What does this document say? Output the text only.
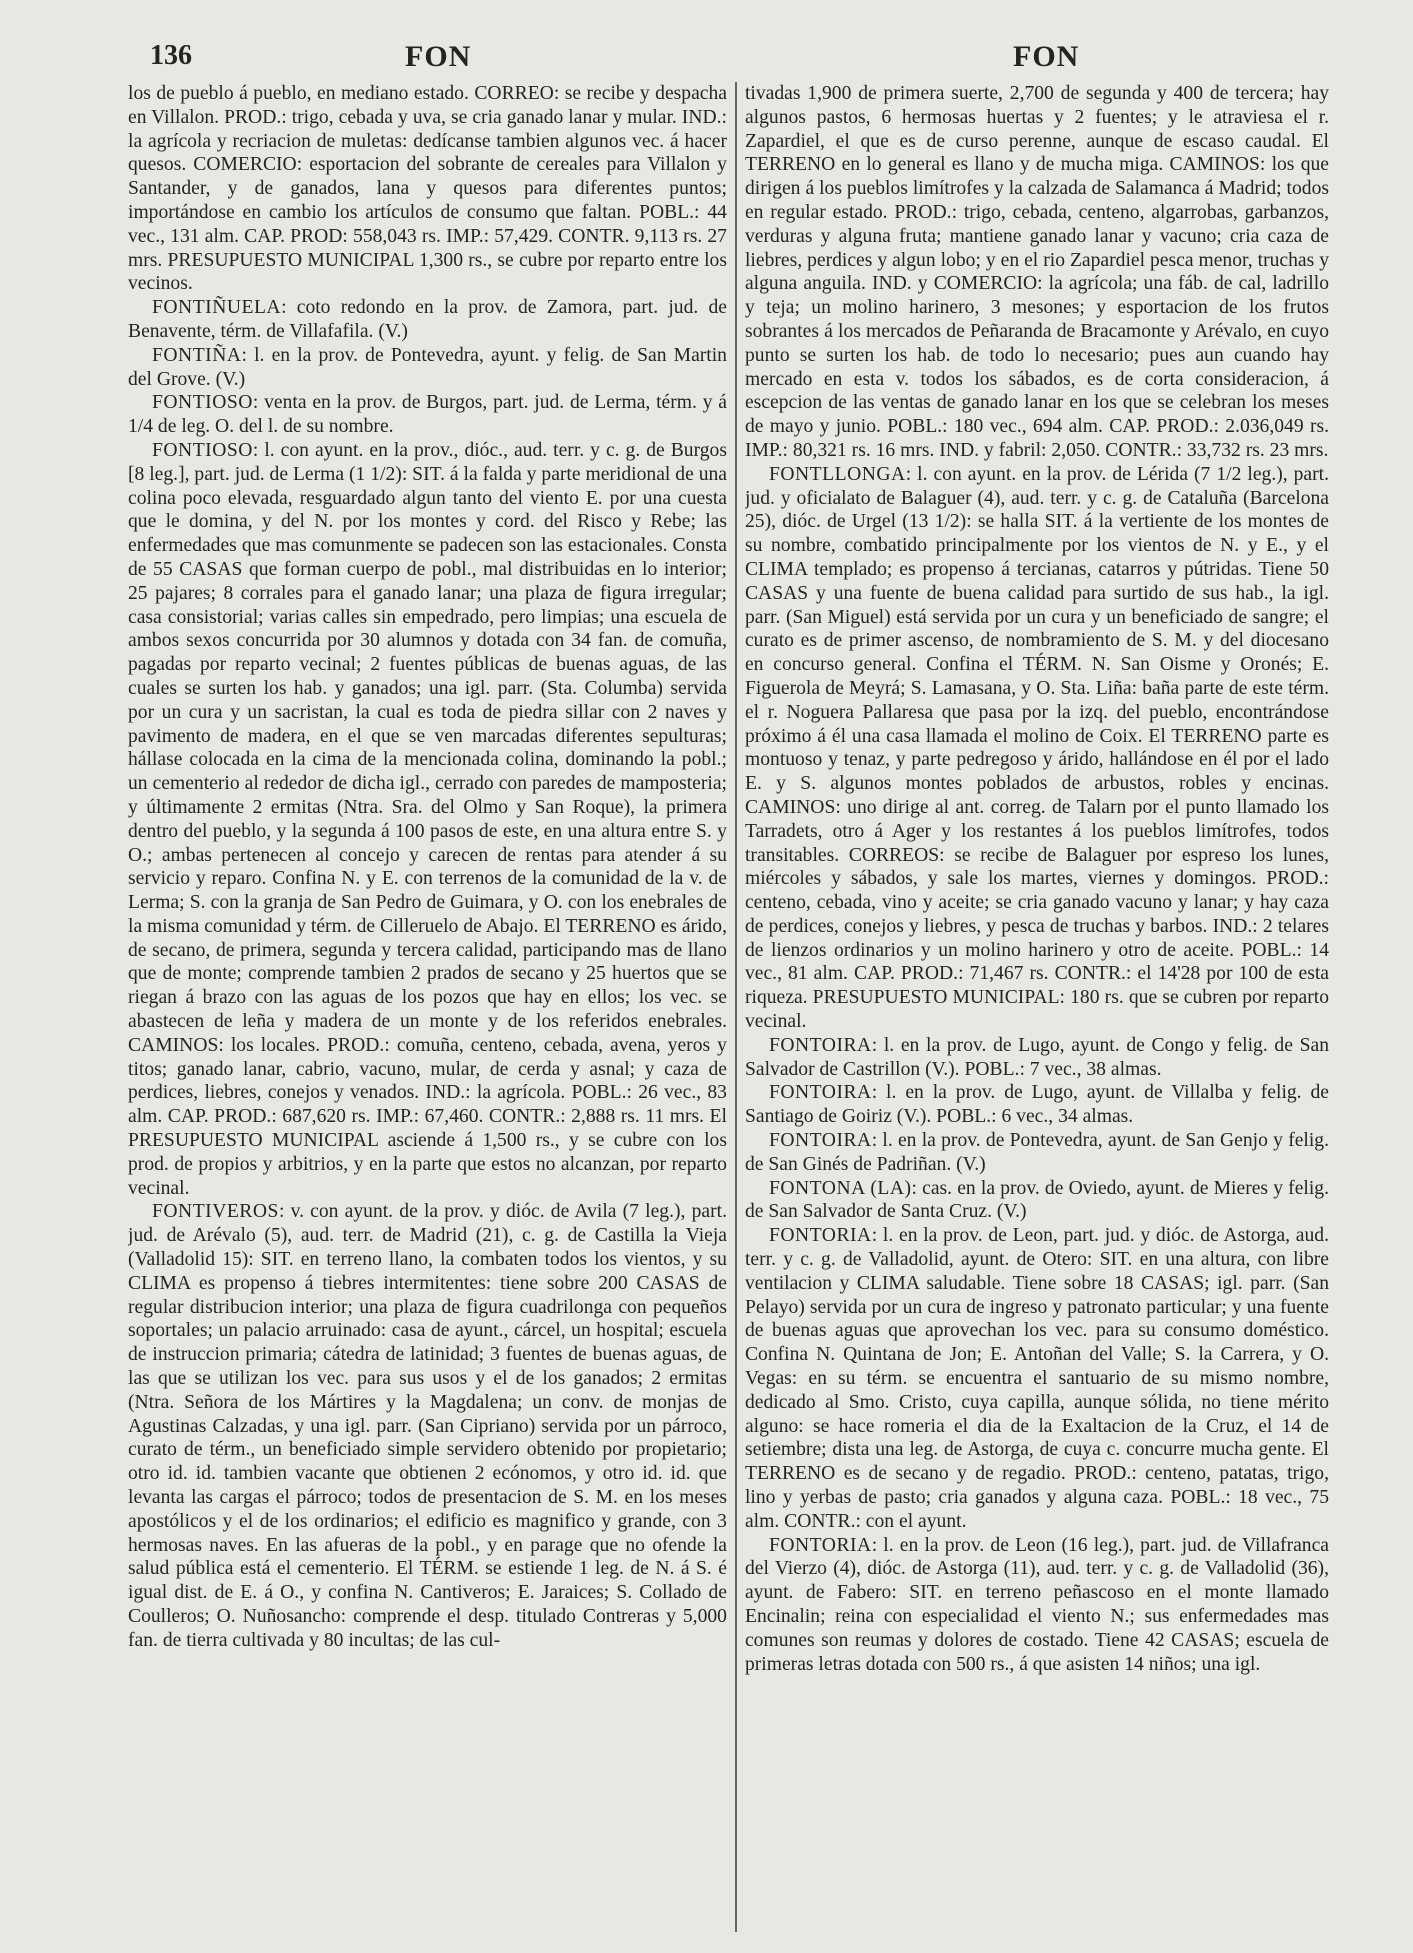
136	FON	FON

los de pueblo á pueblo, en mediano estado. CORREO: se recibe y despacha en Villalon. PROD.: trigo, cebada y uva, se cria ganado lanar y mular. IND.: la agrícola y recriacion de muletas: dedícanse tambien algunos vec. á hacer quesos. COMERCIO: esportacion del sobrante de cereales para Villalon y Santander, y de ganados, lana y quesos para diferentes puntos; importándose en cambio los artículos de consumo que faltan. POBL.: 44 vec., 131 alm. CAP. PROD: 558,043 rs. IMP.: 57,429. CONTR. 9,113 rs. 27 mrs. PRESUPUESTO MUNICIPAL 1,300 rs., se cubre por reparto entre los vecinos.

FONTIÑUELA: coto redondo en la prov. de Zamora, part. jud. de Benavente, térm. de Villafafila. (V.)

FONTIÑA: l. en la prov. de Pontevedra, ayunt. y felig. de San Martin del Grove. (V.)

FONTIOSO: venta en la prov. de Burgos, part. jud. de Lerma, térm. y á 1/4 de leg. O. del l. de su nombre.

FONTIOSO: l. con ayunt. en la prov., dióc., aud. terr. y c. g. de Burgos [8 leg.], part. jud. de Lerma (1 1/2): SIT. á la falda y parte meridional de una colina poco elevada, resguardado algun tanto del viento E. por una cuesta que le domina, y del N. por los montes y cord. del Risco y Rebe; las enfermedades que mas comunmente se padecen son las estacionales. Consta de 55 CASAS que forman cuerpo de pobl., mal distribuidas en lo interior; 25 pajares; 8 corrales para el ganado lanar; una plaza de figura irregular; casa consistorial; varias calles sin empedrado, pero limpias; una escuela de ambos sexos concurrida por 30 alumnos y dotada con 34 fan. de comuña, pagadas por reparto vecinal; 2 fuentes públicas de buenas aguas, de las cuales se surten los hab. y ganados; una igl. parr. (Sta. Columba) servida por un cura y un sacristan, la cual es toda de piedra sillar con 2 naves y pavimento de madera, en el que se ven marcadas diferentes sepulturas; hállase colocada en la cima de la mencionada colina, dominando la pobl.; un cementerio al rededor de dicha igl., cerrado con paredes de mamposteria; y últimamente 2 ermitas (Ntra. Sra. del Olmo y San Roque), la primera dentro del pueblo, y la segunda á 100 pasos de este, en una altura entre S. y O.; ambas pertenecen al concejo y carecen de rentas para atender á su servicio y reparo. Confina N. y E. con terrenos de la comunidad de la v. de Lerma; S. con la granja de San Pedro de Guimara, y O. con los enebrales de la misma comunidad y térm. de Cilleruelo de Abajo. El TERRENO es árido, de secano, de primera, segunda y tercera calidad, participando mas de llano que de monte; comprende tambien 2 prados de secano y 25 huertos que se riegan á brazo con las aguas de los pozos que hay en ellos; los vec. se abastecen de leña y madera de un monte y de los referidos enebrales. CAMINOS: los locales. PROD.: comuña, centeno, cebada, avena, yeros y titos; ganado lanar, cabrio, vacuno, mular, de cerda y asnal; y caza de perdices, liebres, conejos y venados. IND.: la agrícola. POBL.: 26 vec., 83 alm. CAP. PROD.: 687,620 rs. IMP.: 67,460. CONTR.: 2,888 rs. 11 mrs. El PRESUPUESTO MUNICIPAL asciende á 1,500 rs., y se cubre con los prod. de propios y arbitrios, y en la parte que estos no alcanzan, por reparto vecinal.

FONTIVEROS: v. con ayunt. de la prov. y dióc. de Avila (7 leg.), part. jud. de Arévalo (5), aud. terr. de Madrid (21), c. g. de Castilla la Vieja (Valladolid 15): SIT. en terreno llano, la combaten todos los vientos, y su CLIMA es propenso á tiebres intermitentes: tiene sobre 200 CASAS de regular distribucion interior; una plaza de figura cuadrilonga con pequeños soportales; un palacio arruinado: casa de ayunt., cárcel, un hospital; escuela de instruccion primaria; cátedra de latinidad; 3 fuentes de buenas aguas, de las que se utilizan los vec. para sus usos y el de los ganados; 2 ermitas (Ntra. Señora de los Mártires y la Magdalena; un conv. de monjas de Agustinas Calzadas, y una igl. parr. (San Cipriano) servida por un párroco, curato de térm., un beneficiado simple servidero obtenido por propietario; otro id. id. tambien vacante que obtienen 2 ecónomos, y otro id. id. que levanta las cargas el párroco; todos de presentacion de S. M. en los meses apostólicos y el de los ordinarios; el edificio es magnifico y grande, con 3 hermosas naves. En las afueras de la pobl., y en parage que no ofende la salud pública está el cementerio. El TÉRM. se estiende 1 leg. de N. á S. é igual dist. de E. á O., y confina N. Cantiveros; E. Jaraices; S. Collado de Coulleros; O. Nuñosancho: comprende el desp. titulado Contreras y 5,000 fan. de tierra cultivada y 80 incultas; de las cul-

tivadas 1,900 de primera suerte, 2,700 de segunda y 400 de tercera; hay algunos pastos, 6 hermosas huertas y 2 fuentes; y le atraviesa el r. Zapardiel, el que es de curso perenne, aunque de escaso caudal. El TERRENO en lo general es llano y de mucha miga. CAMINOS: los que dirigen á los pueblos limítrofes y la calzada de Salamanca á Madrid; todos en regular estado. PROD.: trigo, cebada, centeno, algarrobas, garbanzos, verduras y alguna fruta; mantiene ganado lanar y vacuno; cria caza de liebres, perdices y algun lobo; y en el rio Zapardiel pesca menor, truchas y alguna anguila. IND. y COMERCIO: la agrícola; una fáb. de cal, ladrillo y teja; un molino harinero, 3 mesones; y esportacion de los frutos sobrantes á los mercados de Peñaranda de Bracamonte y Arévalo, en cuyo punto se surten los hab. de todo lo necesario; pues aun cuando hay mercado en esta v. todos los sábados, es de corta consideracion, á escepcion de las ventas de ganado lanar en los que se celebran los meses de mayo y junio. POBL.: 180 vec., 694 alm. CAP. PROD.: 2.036,049 rs. IMP.: 80,321 rs. 16 mrs. IND. y fabril: 2,050. CONTR.: 33,732 rs. 23 mrs.

FONTLLONGA: l. con ayunt. en la prov. de Lérida (7 1/2 leg.), part. jud. y oficialato de Balaguer (4), aud. terr. y c. g. de Cataluña (Barcelona 25), dióc. de Urgel (13 1/2): se halla SIT. á la vertiente de los montes de su nombre, combatido principalmente por los vientos de N. y E., y el CLIMA templado; es propenso á tercianas, catarros y pútridas. Tiene 50 CASAS y una fuente de buena calidad para surtido de sus hab., la igl. parr. (San Miguel) está servida por un cura y un beneficiado de sangre; el curato es de primer ascenso, de nombramiento de S. M. y del diocesano en concurso general. Confina el TÉRM. N. San Oisme y Oronés; E. Figuerola de Meyrá; S. Lamasana, y O. Sta. Liña: baña parte de este térm. el r. Noguera Pallaresa que pasa por la izq. del pueblo, encontrándose próximo á él una casa llamada el molino de Coix. El TERRENO parte es montuoso y tenaz, y parte pedregoso y árido, hallándose en él por el lado E. y S. algunos montes poblados de arbustos, robles y encinas. CAMINOS: uno dirige al ant. correg. de Talarn por el punto llamado los Tarradets, otro á Ager y los restantes á los pueblos limítrofes, todos transitables. CORREOS: se recibe de Balaguer por espreso los lunes, miércoles y sábados, y sale los martes, viernes y domingos. PROD.: centeno, cebada, vino y aceite; se cria ganado vacuno y lanar; y hay caza de perdices, conejos y liebres, y pesca de truchas y barbos. IND.: 2 telares de lienzos ordinarios y un molino harinero y otro de aceite. POBL.: 14 vec., 81 alm. CAP. PROD.: 71,467 rs. CONTR.: el 14'28 por 100 de esta riqueza. PRESUPUESTO MUNICIPAL: 180 rs. que se cubren por reparto vecinal.

FONTOIRA: l. en la prov. de Lugo, ayunt. de Congo y felig. de San Salvador de Castrillon (V.). POBL.: 7 vec., 38 almas.

FONTOIRA: l. en la prov. de Lugo, ayunt. de Villalba y felig. de Santiago de Goiriz (V.). POBL.: 6 vec., 34 almas.

FONTOIRA: l. en la prov. de Pontevedra, ayunt. de San Genjo y felig. de San Ginés de Padriñan. (V.)

FONTONA (LA): cas. en la prov. de Oviedo, ayunt. de Mieres y felig. de San Salvador de Santa Cruz. (V.)

FONTORIA: l. en la prov. de Leon, part. jud. y dióc. de Astorga, aud. terr. y c. g. de Valladolid, ayunt. de Otero: SIT. en una altura, con libre ventilacion y CLIMA saludable. Tiene sobre 18 CASAS; igl. parr. (San Pelayo) servida por un cura de ingreso y patronato particular; y una fuente de buenas aguas que aprovechan los vec. para su consumo doméstico. Confina N. Quintana de Jon; E. Antoñan del Valle; S. la Carrera, y O. Vegas: en su térm. se encuentra el santuario de su mismo nombre, dedicado al Smo. Cristo, cuya capilla, aunque sólida, no tiene mérito alguno: se hace romeria el dia de la Exaltacion de la Cruz, el 14 de setiembre; dista una leg. de Astorga, de cuya c. concurre mucha gente. El TERRENO es de secano y de regadio. PROD.: centeno, patatas, trigo, lino y yerbas de pasto; cria ganados y alguna caza. POBL.: 18 vec., 75 alm. CONTR.: con el ayunt.

FONTORIA: l. en la prov. de Leon (16 leg.), part. jud. de Villafranca del Vierzo (4), dióc. de Astorga (11), aud. terr. y c. g. de Valladolid (36), ayunt. de Fabero: SIT. en terreno peñascoso en el monte llamado Encinalin; reina con especialidad el viento N.; sus enfermedades mas comunes son reumas y dolores de costado. Tiene 42 CASAS; escuela de primeras letras dotada con 500 rs., á que asisten 14 niños; una igl.
